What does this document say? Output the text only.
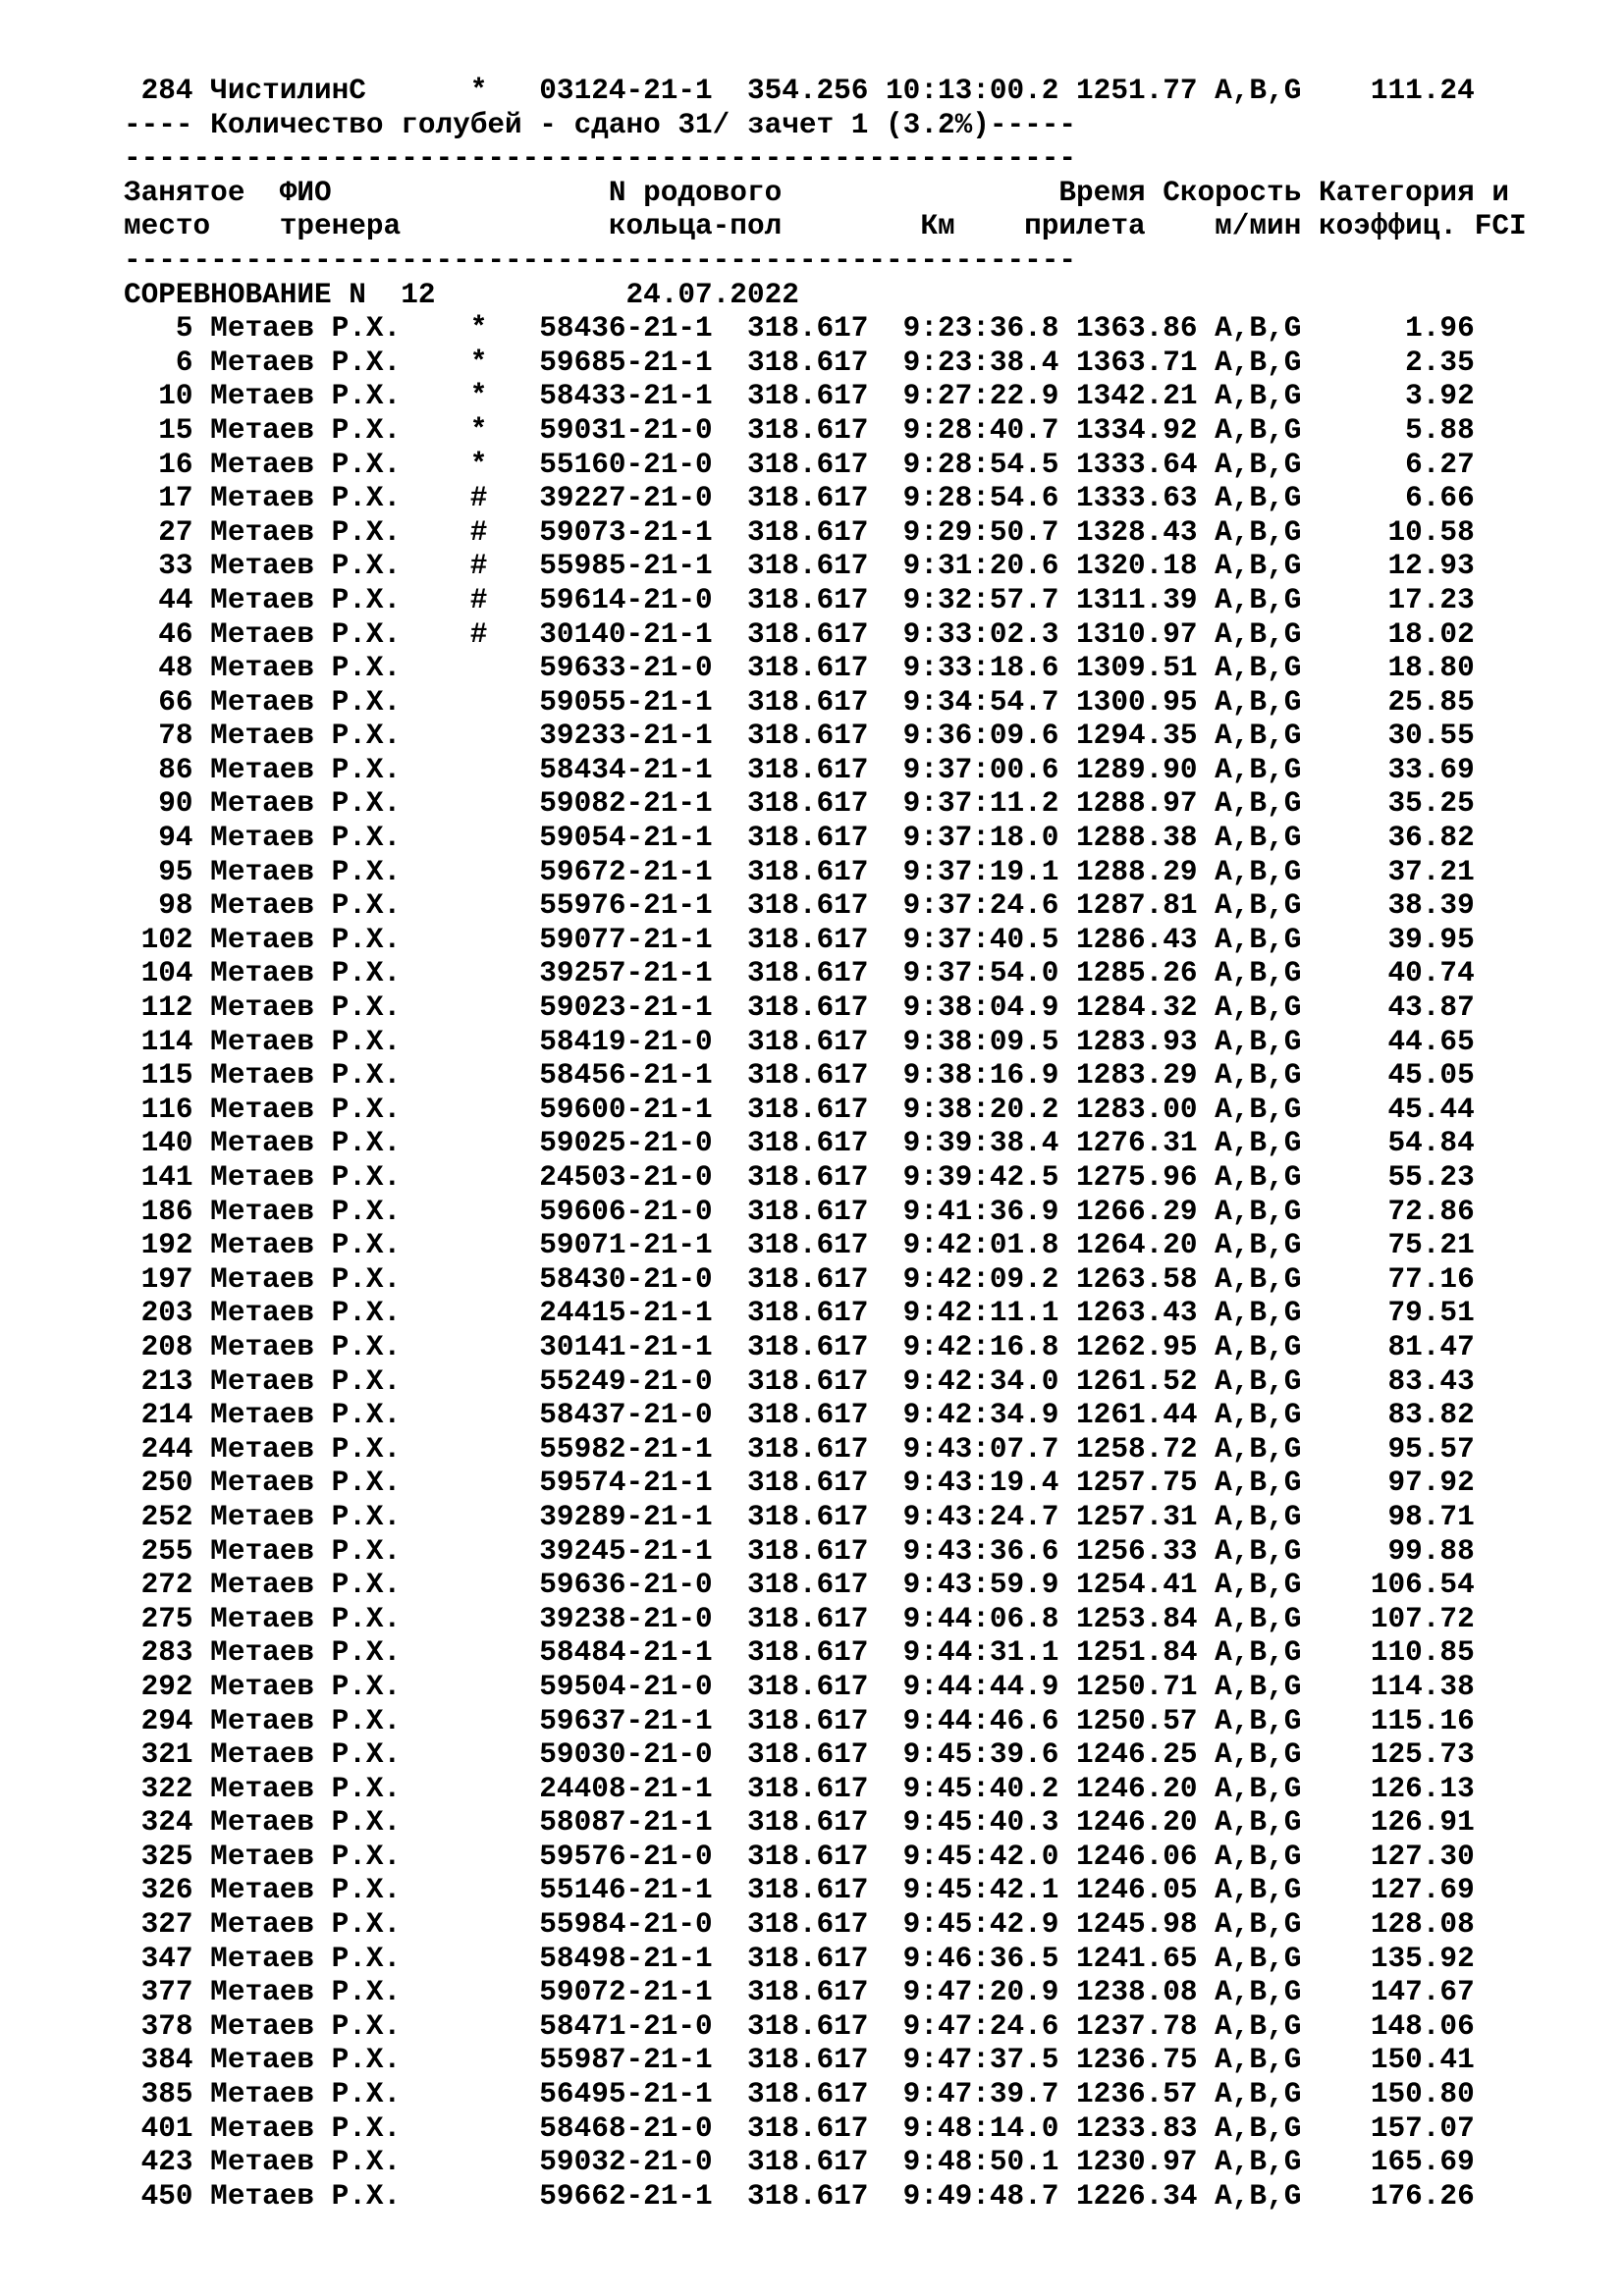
284 ЧистилинС      *   03124-21-1  354.256 10:13:00.2 1251.77 A,B,G    111.24
---- Количество голубей - сдано 31/ зачет 1 (3.2%)-----
-------------------------------------------------------
Занятое  ФИО                N родового                Время Скорость Категория и
место    тренера            кольца-пол        Км    прилета    м/мин коэффиц. FCI
-------------------------------------------------------
СОРЕВНОВАНИЕ N  12           24.07.2022
5 Метаев Р.Х.    *   58436-21-1  318.617  9:23:36.8 1363.86 A,B,G      1.96
6 Метаев Р.Х.    *   59685-21-1  318.617  9:23:38.4 1363.71 A,B,G      2.35
10 Метаев Р.Х.    *   58433-21-1  318.617  9:27:22.9 1342.21 A,B,G      3.92
15 Метаев Р.Х.    *   59031-21-0  318.617  9:28:40.7 1334.92 A,B,G      5.88
16 Метаев Р.Х.    *   55160-21-0  318.617  9:28:54.5 1333.64 A,B,G      6.27
17 Метаев Р.Х.    #   39227-21-0  318.617  9:28:54.6 1333.63 A,B,G      6.66
27 Метаев Р.Х.    #   59073-21-1  318.617  9:29:50.7 1328.43 A,B,G     10.58
33 Метаев Р.Х.    #   55985-21-1  318.617  9:31:20.6 1320.18 A,B,G     12.93
44 Метаев Р.Х.    #   59614-21-0  318.617  9:32:57.7 1311.39 A,B,G     17.23
46 Метаев Р.Х.    #   30140-21-1  318.617  9:33:02.3 1310.97 A,B,G     18.02
48 Метаев Р.Х.        59633-21-0  318.617  9:33:18.6 1309.51 A,B,G     18.80
66 Метаев Р.Х.        59055-21-1  318.617  9:34:54.7 1300.95 A,B,G     25.85
78 Метаев Р.Х.        39233-21-1  318.617  9:36:09.6 1294.35 A,B,G     30.55
86 Метаев Р.Х.        58434-21-1  318.617  9:37:00.6 1289.90 A,B,G     33.69
90 Метаев Р.Х.        59082-21-1  318.617  9:37:11.2 1288.97 A,B,G     35.25
94 Метаев Р.Х.        59054-21-1  318.617  9:37:18.0 1288.38 A,B,G     36.82
95 Метаев Р.Х.        59672-21-1  318.617  9:37:19.1 1288.29 A,B,G     37.21
98 Метаев Р.Х.        55976-21-1  318.617  9:37:24.6 1287.81 A,B,G     38.39
102 Метаев Р.Х.        59077-21-1  318.617  9:37:40.5 1286.43 A,B,G     39.95
104 Метаев Р.Х.        39257-21-1  318.617  9:37:54.0 1285.26 A,B,G     40.74
112 Метаев Р.Х.        59023-21-1  318.617  9:38:04.9 1284.32 A,B,G     43.87
114 Метаев Р.Х.        58419-21-0  318.617  9:38:09.5 1283.93 A,B,G     44.65
115 Метаев Р.Х.        58456-21-1  318.617  9:38:16.9 1283.29 A,B,G     45.05
116 Метаев Р.Х.        59600-21-1  318.617  9:38:20.2 1283.00 A,B,G     45.44
140 Метаев Р.Х.        59025-21-0  318.617  9:39:38.4 1276.31 A,B,G     54.84
141 Метаев Р.Х.        24503-21-0  318.617  9:39:42.5 1275.96 A,B,G     55.23
186 Метаев Р.Х.        59606-21-0  318.617  9:41:36.9 1266.29 A,B,G     72.86
192 Метаев Р.Х.        59071-21-1  318.617  9:42:01.8 1264.20 A,B,G     75.21
197 Метаев Р.Х.        58430-21-0  318.617  9:42:09.2 1263.58 A,B,G     77.16
203 Метаев Р.Х.        24415-21-1  318.617  9:42:11.1 1263.43 A,B,G     79.51
208 Метаев Р.Х.        30141-21-1  318.617  9:42:16.8 1262.95 A,B,G     81.47
213 Метаев Р.Х.        55249-21-0  318.617  9:42:34.0 1261.52 A,B,G     83.43
214 Метаев Р.Х.        58437-21-0  318.617  9:42:34.9 1261.44 A,B,G     83.82
244 Метаев Р.Х.        55982-21-1  318.617  9:43:07.7 1258.72 A,B,G     95.57
250 Метаев Р.Х.        59574-21-1  318.617  9:43:19.4 1257.75 A,B,G     97.92
252 Метаев Р.Х.        39289-21-1  318.617  9:43:24.7 1257.31 A,B,G     98.71
255 Метаев Р.Х.        39245-21-1  318.617  9:43:36.6 1256.33 A,B,G     99.88
272 Метаев Р.Х.        59636-21-0  318.617  9:43:59.9 1254.41 A,B,G    106.54
275 Метаев Р.Х.        39238-21-0  318.617  9:44:06.8 1253.84 A,B,G    107.72
283 Метаев Р.Х.        58484-21-1  318.617  9:44:31.1 1251.84 A,B,G    110.85
292 Метаев Р.Х.        59504-21-0  318.617  9:44:44.9 1250.71 A,B,G    114.38
294 Метаев Р.Х.        59637-21-1  318.617  9:44:46.6 1250.57 A,B,G    115.16
321 Метаев Р.Х.        59030-21-0  318.617  9:45:39.6 1246.25 A,B,G    125.73
322 Метаев Р.Х.        24408-21-1  318.617  9:45:40.2 1246.20 A,B,G    126.13
324 Метаев Р.Х.        58087-21-1  318.617  9:45:40.3 1246.20 A,B,G    126.91
325 Метаев Р.Х.        59576-21-0  318.617  9:45:42.0 1246.06 A,B,G    127.30
326 Метаев Р.Х.        55146-21-1  318.617  9:45:42.1 1246.05 A,B,G    127.69
327 Метаев Р.Х.        55984-21-0  318.617  9:45:42.9 1245.98 A,B,G    128.08
347 Метаев Р.Х.        58498-21-1  318.617  9:46:36.5 1241.65 A,B,G    135.92
377 Метаев Р.Х.        59072-21-1  318.617  9:47:20.9 1238.08 A,B,G    147.67
378 Метаев Р.Х.        58471-21-0  318.617  9:47:24.6 1237.78 A,B,G    148.06
384 Метаев Р.Х.        55987-21-1  318.617  9:47:37.5 1236.75 A,B,G    150.41
385 Метаев Р.Х.        56495-21-1  318.617  9:47:39.7 1236.57 A,B,G    150.80
401 Метаев Р.Х.        58468-21-0  318.617  9:48:14.0 1233.83 A,B,G    157.07
423 Метаев Р.Х.        59032-21-0  318.617  9:48:50.1 1230.97 A,B,G    165.69
450 Метаев Р.Х.        59662-21-1  318.617  9:49:48.7 1226.34 A,B,G    176.26
